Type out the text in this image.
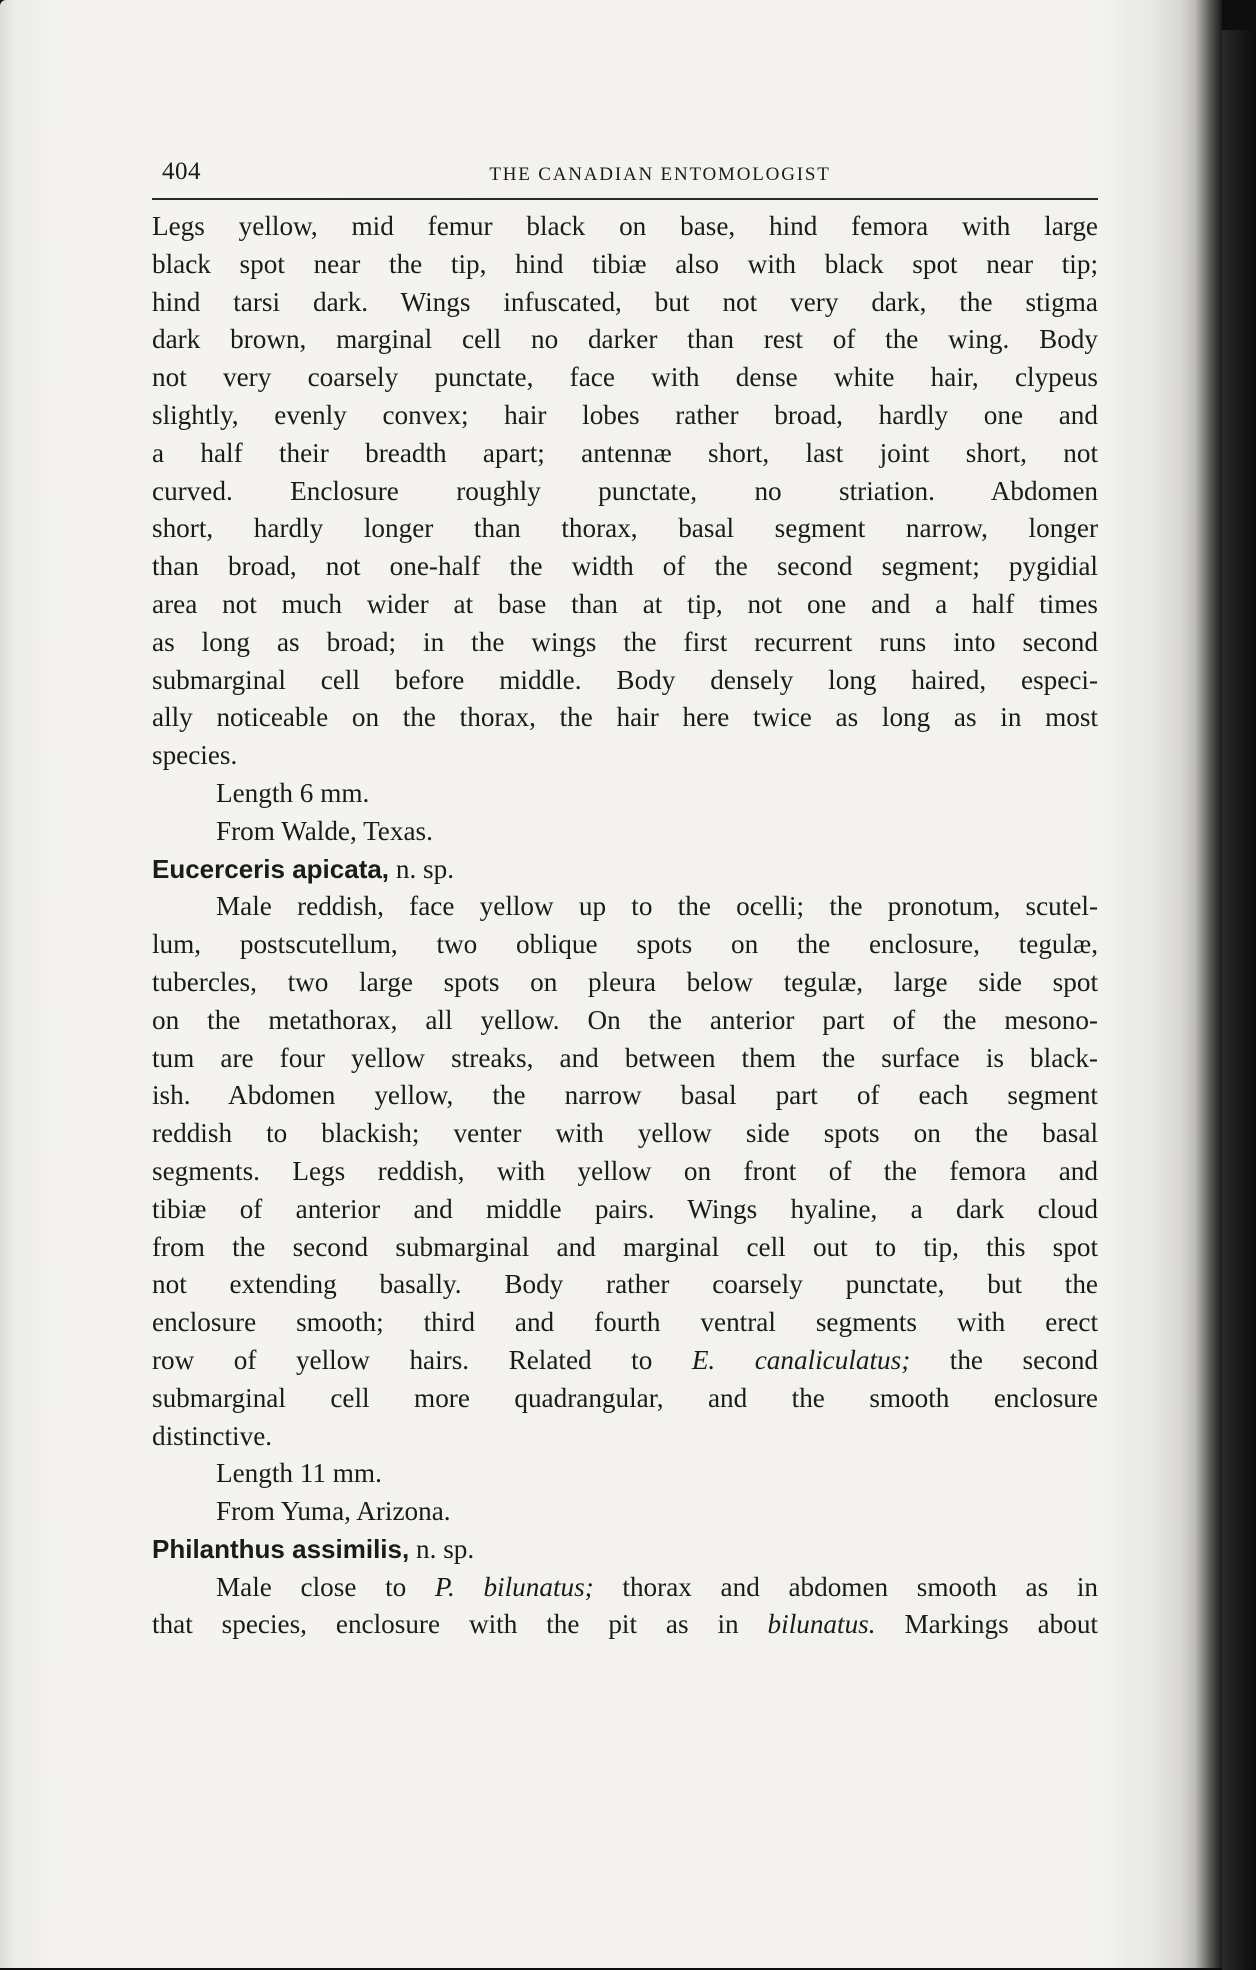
404	THE CANADIAN ENTOMOLOGIST

Legs yellow, mid femur black on base, hind femora with large
black spot near the tip, hind tibiæ also with black spot near tip;
hind tarsi dark. Wings infuscated, but not very dark, the stigma
dark brown, marginal cell no darker than rest of the wing. Body
not very coarsely punctate, face with dense white hair, clypeus
slightly, evenly convex; hair lobes rather broad, hardly one and
a half their breadth apart; antennæ short, last joint short, not
curved. Enclosure roughly punctate, no striation. Abdomen
short, hardly longer than thorax, basal segment narrow, longer
than broad, not one-half the width of the second segment; pygidial
area not much wider at base than at tip, not one and a half times
as long as broad; in the wings the first recurrent runs into second
submarginal cell before middle. Body densely long haired, especi-
ally noticeable on the thorax, the hair here twice as long as in most
species.

Length 6 mm.

From Walde, Texas.

Eucerceris apicata, n. sp.

Male reddish, face yellow up to the ocelli; the pronotum, scutel-
lum, postscutellum, two oblique spots on the enclosure, tegulæ,
tubercles, two large spots on pleura below tegulæ, large side spot
on the metathorax, all yellow. On the anterior part of the mesono-
tum are four yellow streaks, and between them the surface is black-
ish. Abdomen yellow, the narrow basal part of each segment
reddish to blackish; venter with yellow side spots on the basal
segments. Legs reddish, with yellow on front of the femora and
tibiæ of anterior and middle pairs. Wings hyaline, a dark cloud
from the second submarginal and marginal cell out to tip, this spot
not extending basally. Body rather coarsely punctate, but the
enclosure smooth; third and fourth ventral segments with erect
row of yellow hairs. Related to E. canaliculatus; the second
submarginal cell more quadrangular, and the smooth enclosure
distinctive.

Length 11 mm.

From Yuma, Arizona.

Philanthus assimilis, n. sp.

Male close to P. bilunatus; thorax and abdomen smooth as in
that species, enclosure with the pit as in bilunatus. Markings about
